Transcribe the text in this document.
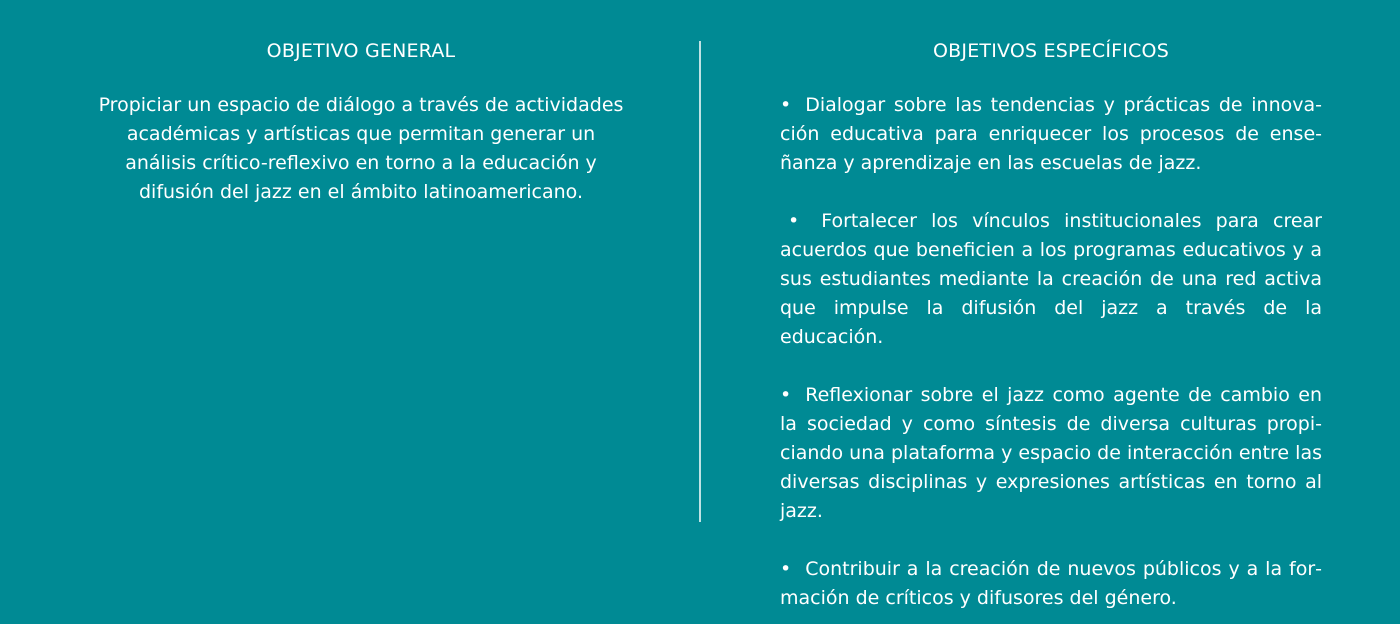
OBJETIVO GENERAL

Propiciar un espacio de diálogo a través de actividades académicas y artísticas que permitan generar un análisis crítico-reflexivo en torno a la educación y difusión del jazz en el ámbito latinoamericano.

OBJETIVOS ESPECÍFICOS
• Dialogar sobre las tendencias y prácticas de innovación educativa para enriquecer los procesos de enseñanza y aprendizaje en las escuelas de jazz.
• Fortalecer los vínculos institucionales para crear acuerdos que beneficien a los programas educativos y a sus estudiantes mediante la creación de una red activa que impulse la difusión del jazz a través de la educación.
• Reflexionar sobre el jazz como agente de cambio en la sociedad y como síntesis de diversa culturas propiciando una plataforma y espacio de interacción entre las diversas disciplinas y expresiones artísticas en torno al jazz.
• Contribuir a la creación de nuevos públicos y a la formación de críticos y difusores del género.
